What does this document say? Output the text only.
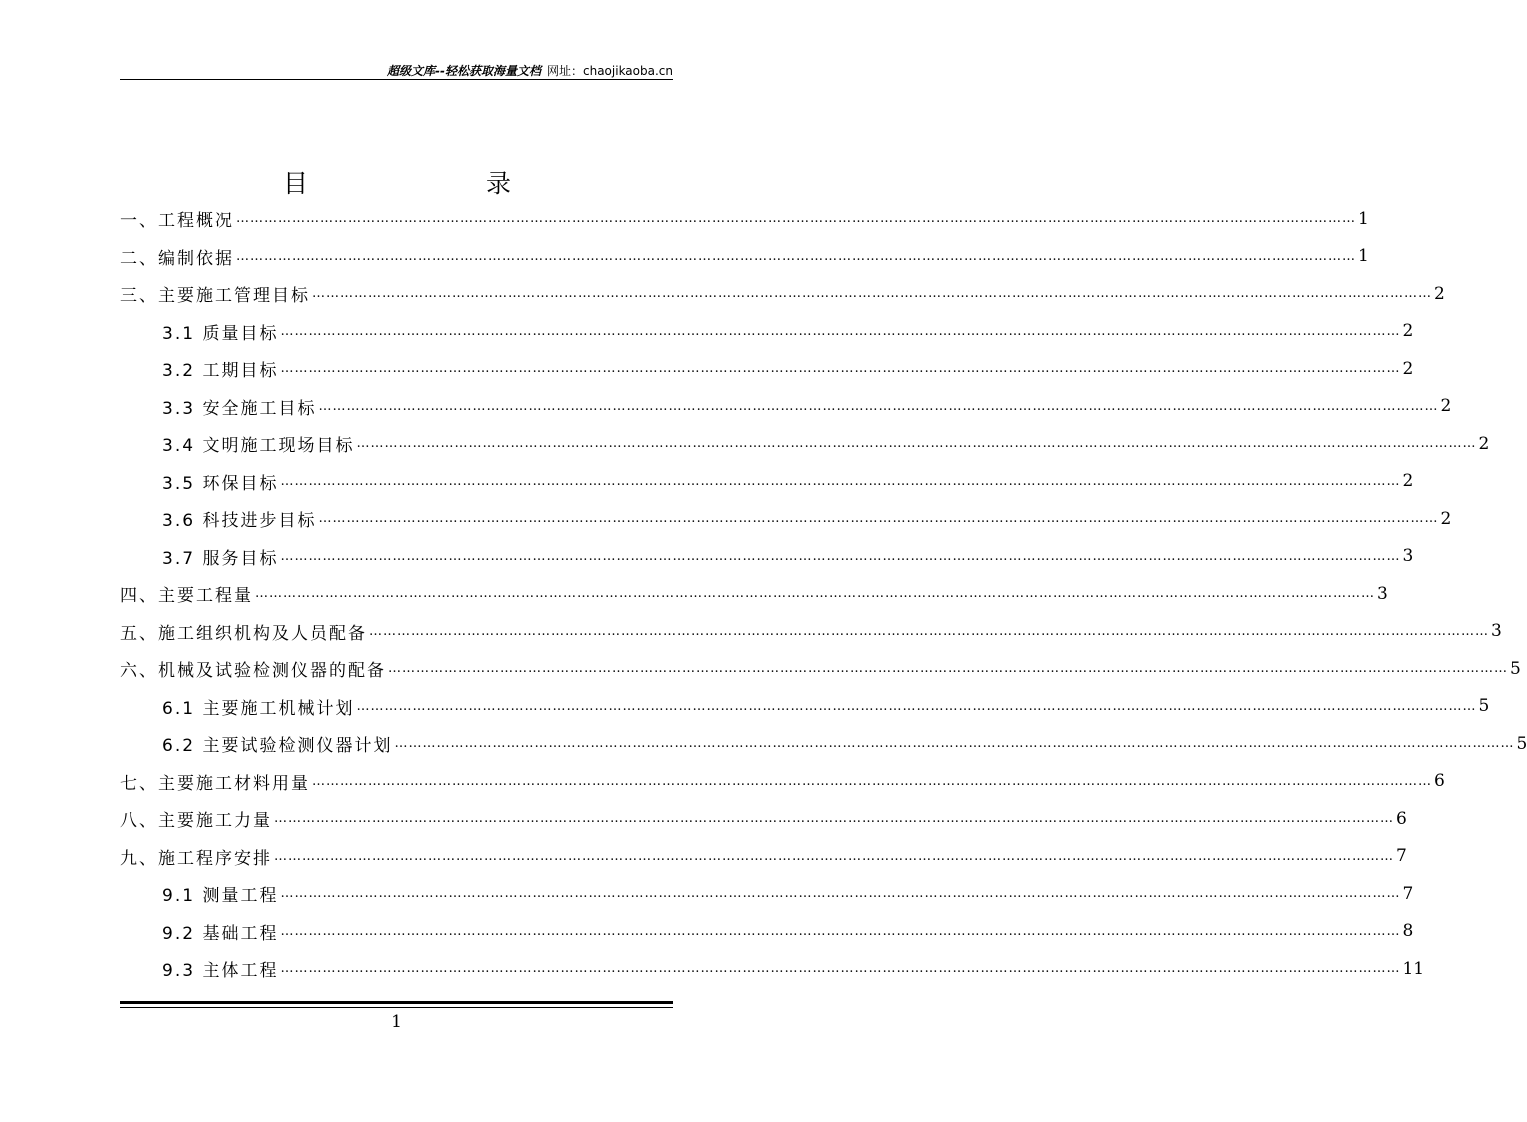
超级文库--轻松获取海量文档 网址：chaojikaoba.cn
目	录
一、工程概况 …………………………………………………………………………………………………………………………………………………………………………………………………………………… 1
二、编制依据 …………………………………………………………………………………………………………………………………………………………………………………………………………………… 1
三、主要施工管理目标 …………………………………………………………………………………………………………………………………………………………………………………………………………………… 2
3.1 质量目标 …………………………………………………………………………………………………………………………………………………………………………………………………………………… 2
3.2 工期目标 …………………………………………………………………………………………………………………………………………………………………………………………………………………… 2
3.3 安全施工目标 …………………………………………………………………………………………………………………………………………………………………………………………………………………… 2
3.4 文明施工现场目标 …………………………………………………………………………………………………………………………………………………………………………………………………………………… 2
3.5 环保目标 …………………………………………………………………………………………………………………………………………………………………………………………………………………… 2
3.6 科技进步目标 …………………………………………………………………………………………………………………………………………………………………………………………………………………… 2
3.7 服务目标 …………………………………………………………………………………………………………………………………………………………………………………………………………………… 3
四、主要工程量 …………………………………………………………………………………………………………………………………………………………………………………………………………………… 3
五、施工组织机构及人员配备 …………………………………………………………………………………………………………………………………………………………………………………………………………………… 3
六、机械及试验检测仪器的配备 …………………………………………………………………………………………………………………………………………………………………………………………………………………… 5
6.1 主要施工机械计划 …………………………………………………………………………………………………………………………………………………………………………………………………………………… 5
6.2 主要试验检测仪器计划 …………………………………………………………………………………………………………………………………………………………………………………………………………………… 5
七、主要施工材料用量 …………………………………………………………………………………………………………………………………………………………………………………………………………………… 6
八、主要施工力量 …………………………………………………………………………………………………………………………………………………………………………………………………………………… 6
九、施工程序安排 …………………………………………………………………………………………………………………………………………………………………………………………………………………… 7
9.1 测量工程 …………………………………………………………………………………………………………………………………………………………………………………………………………………… 7
9.2 基础工程 …………………………………………………………………………………………………………………………………………………………………………………………………………………… 8
9.3 主体工程 …………………………………………………………………………………………………………………………………………………………………………………………………………………… 11
1
